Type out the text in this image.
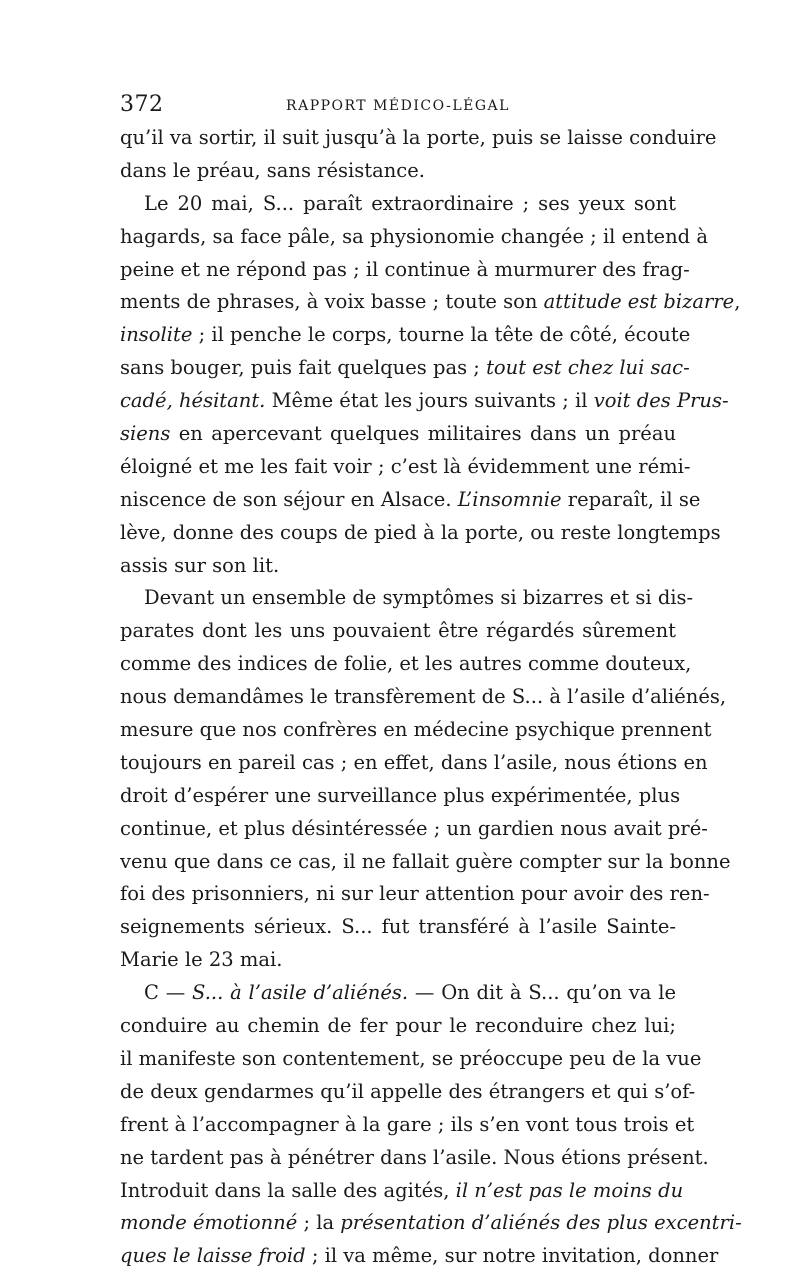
372	RAPPORT MÉDICO-LÉGAL
qu’il va sortir, il suit jusqu’à la porte, puis se laisse conduire
dans le préau, sans résistance.
Le 20 mai, S... paraît extraordinaire ; ses yeux sont
hagards, sa face pâle, sa physionomie changée ; il entend à
peine et ne répond pas ; il continue à murmurer des frag-
ments de phrases, à voix basse ; toute son attitude est bizarre,
insolite ; il penche le corps, tourne la tête de côté, écoute
sans bouger, puis fait quelques pas ; tout est chez lui sac-
cadé, hésitant. Même état les jours suivants ; il voit des Prus-
siens en apercevant quelques militaires dans un préau
éloigné et me les fait voir ; c’est là évidemment une rémi-
niscence de son séjour en Alsace. L’insomnie reparaît, il se
lève, donne des coups de pied à la porte, ou reste longtemps
assis sur son lit.
Devant un ensemble de symptômes si bizarres et si dis-
parates dont les uns pouvaient être régardés sûrement
comme des indices de folie, et les autres comme douteux,
nous demandâmes le transfèrement de S... à l’asile d’aliénés,
mesure que nos confrères en médecine psychique prennent
toujours en pareil cas ; en effet, dans l’asile, nous étions en
droit d’espérer une surveillance plus expérimentée, plus
continue, et plus désintéressée ; un gardien nous avait pré-
venu que dans ce cas, il ne fallait guère compter sur la bonne
foi des prisonniers, ni sur leur attention pour avoir des ren-
seignements sérieux. S... fut transféré à l’asile Sainte-
Marie le 23 mai.
C — S... à l’asile d’aliénés. — On dit à S... qu’on va le
conduire au chemin de fer pour le reconduire chez lui;
il manifeste son contentement, se préoccupe peu de la vue
de deux gendarmes qu’il appelle des étrangers et qui s’of-
frent à l’accompagner à la gare ; ils s’en vont tous trois et
ne tardent pas à pénétrer dans l’asile. Nous étions présent.
Introduit dans la salle des agités, il n’est pas le moins du
monde émotionné ; la présentation d’aliénés des plus excentri-
ques le laisse froid ; il va même, sur notre invitation, donner
